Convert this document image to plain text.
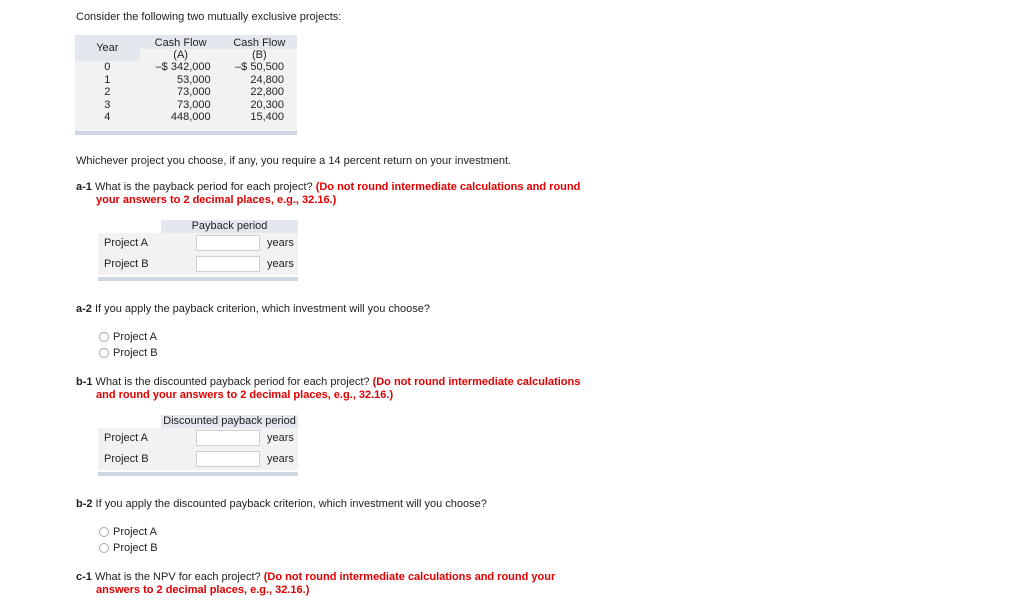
Consider the following two mutually exclusive projects:
Year	Cash Flow	Cash Flow
	(A)	(B)
0	–$ 342,000	–$ 50,500
1	53,000	24,800
2	73,000	22,800
3	73,000	20,300
4	448,000	15,400

Whichever project you choose, if any, you require a 14 percent return on your investment.
a-1 What is the payback period for each project? (Do not round intermediate calculations and round
your answers to 2 decimal places, e.g., 32.16.)
Payback period
Project A	years
Project B	years
a-2 If you apply the payback criterion, which investment will you choose?
Project A
Project B
b-1 What is the discounted payback period for each project? (Do not round intermediate calculations
and round your answers to 2 decimal places, e.g., 32.16.)
Discounted payback period
Project A	years
Project B	years
b-2 If you apply the discounted payback criterion, which investment will you choose?
Project A
Project B
c-1 What is the NPV for each project? (Do not round intermediate calculations and round your
answers to 2 decimal places, e.g., 32.16.)
